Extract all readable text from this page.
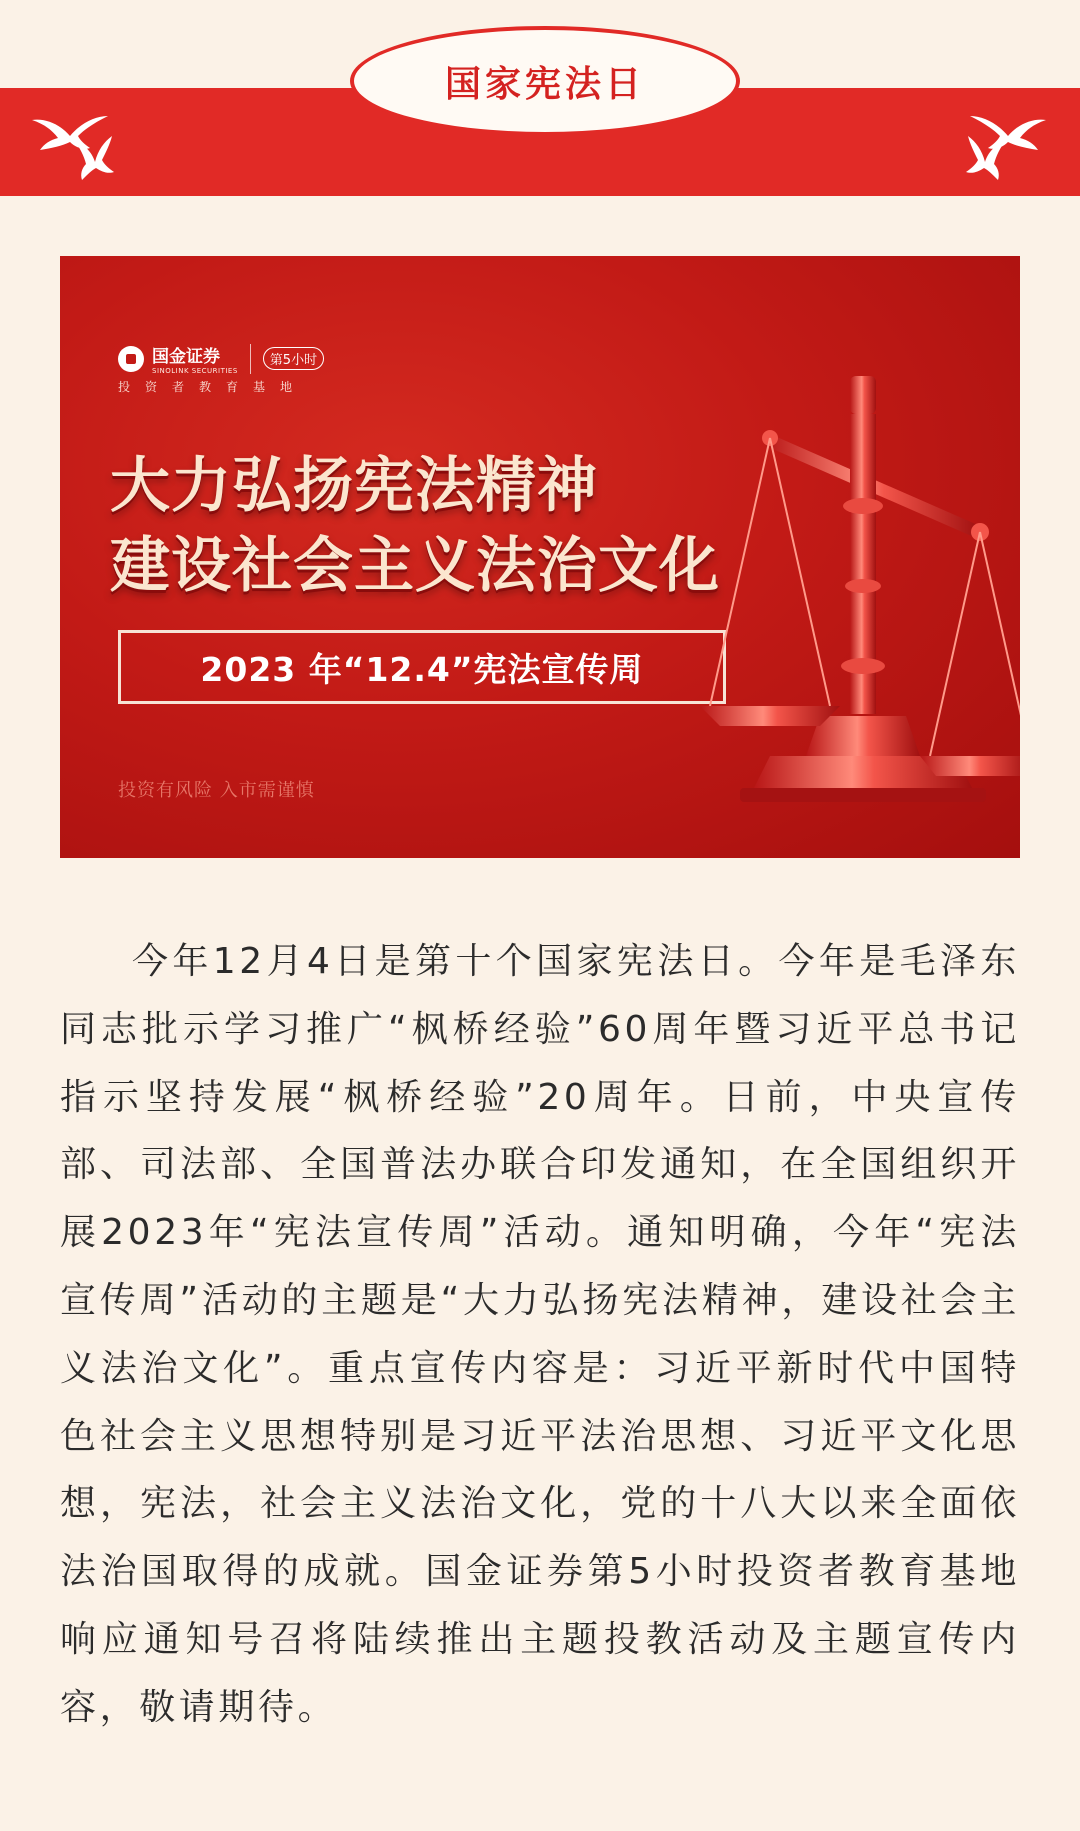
国家宪法日
国金证券
SINOLINK SECURITIES
第5小时
投资者教育基地
大力弘扬宪法精神
建设社会主义法治文化
2023 年“12.4”宪法宣传周
投资有风险 入市需谨慎

今年12月4日是第十个国家宪法日。今年是毛泽东同志批示学习推广“枫桥经验”60周年暨习近平总书记指示坚持发展“枫桥经验”20周年。日前，中央宣传部、司法部、全国普法办联合印发通知，在全国组织开展2023年“宪法宣传周”活动。通知明确，今年“宪法宣传周”活动的主题是“大力弘扬宪法精神，建设社会主义法治文化”。重点宣传内容是：习近平新时代中国特色社会主义思想特别是习近平法治思想、习近平文化思想，宪法，社会主义法治文化，党的十八大以来全面依法治国取得的成就。国金证券第5小时投资者教育基地响应通知号召将陆续推出主题投教活动及主题宣传内容，敬请期待。
